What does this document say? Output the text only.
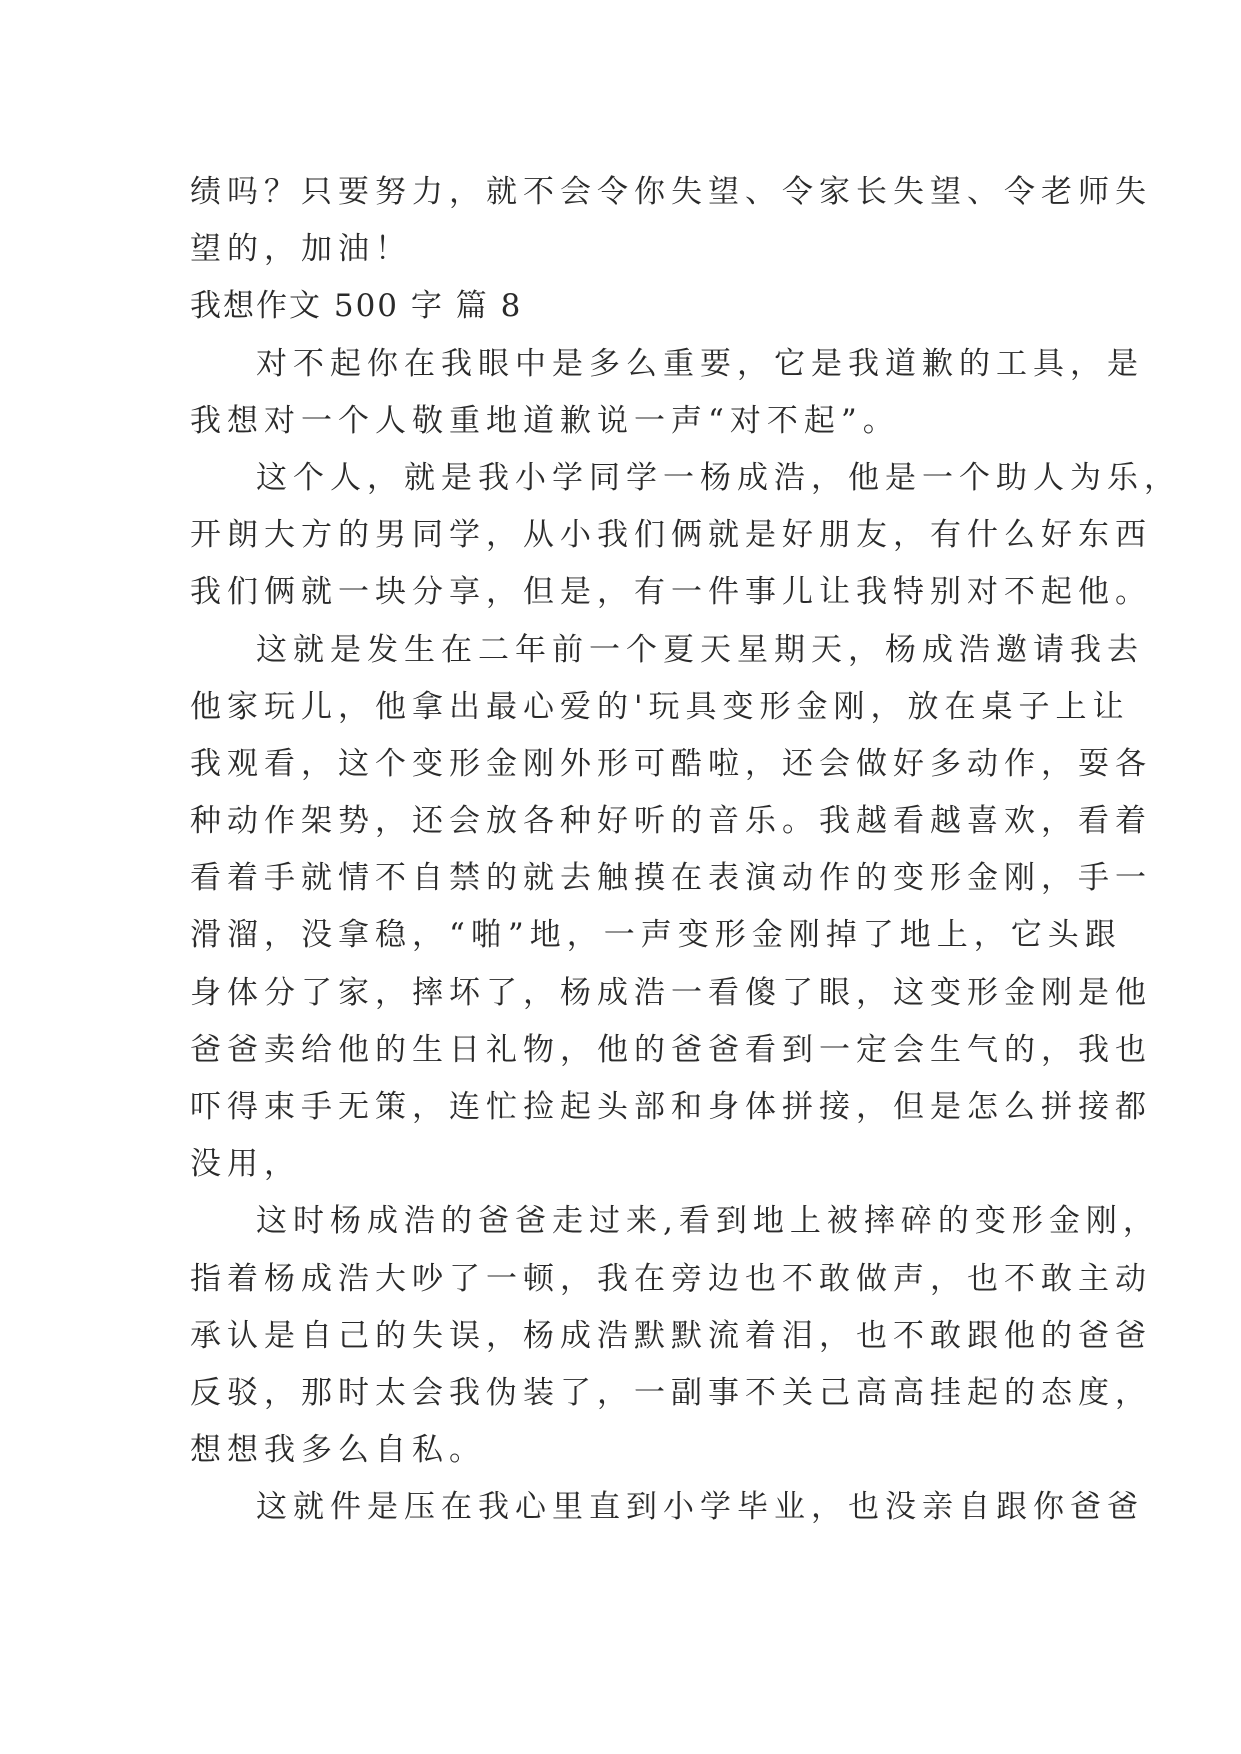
绩吗？只要努力，就不会令你失望、令家长失望、令老师失

望的，加油！

我想作文 500 字 篇 8

对不起你在我眼中是多么重要，它是我道歉的工具，是

我想对一个人敬重地道歉说一声“对不起”。

这个人，就是我小学同学一杨成浩，他是一个助人为乐，

开朗大方的男同学，从小我们俩就是好朋友，有什么好东西

我们俩就一块分享，但是，有一件事儿让我特别对不起他。

这就是发生在二年前一个夏天星期天，杨成浩邀请我去

他家玩儿，他拿出最心爱的'玩具变形金刚，放在桌子上让

我观看，这个变形金刚外形可酷啦，还会做好多动作，耍各

种动作架势，还会放各种好听的音乐。我越看越喜欢，看着

看着手就情不自禁的就去触摸在表演动作的变形金刚，手一

滑溜，没拿稳，“啪”地，一声变形金刚掉了地上，它头跟

身体分了家，摔坏了，杨成浩一看傻了眼，这变形金刚是他

爸爸卖给他的生日礼物，他的爸爸看到一定会生气的，我也

吓得束手无策，连忙捡起头部和身体拼接，但是怎么拼接都

没用，

这时杨成浩的爸爸走过来,看到地上被摔碎的变形金刚，

指着杨成浩大吵了一顿，我在旁边也不敢做声，也不敢主动

承认是自己的失误，杨成浩默默流着泪，也不敢跟他的爸爸

反驳，那时太会我伪装了，一副事不关己高高挂起的态度，

想想我多么自私。

这就件是压在我心里直到小学毕业，也没亲自跟你爸爸
